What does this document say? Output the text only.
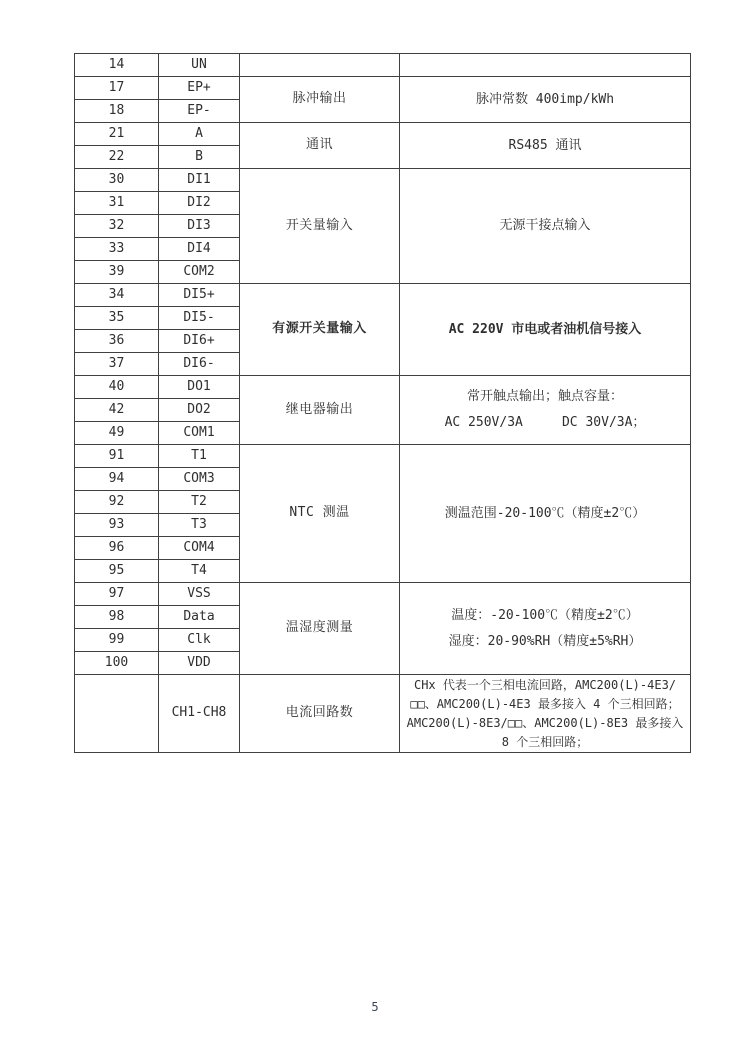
14	UN		

17	EP+	脉冲输出	脉冲常数 400imp/kWh

18	EP-		
21	A	通讯	RS485 通讯

22	B		
30	DI1	开关量输入	无源干接点输入

31	DI2		
32	DI3		
33	DI4		
39	COM2		
34	DI5+	有源开关量输入	AC 220V 市电或者油机信号接入

35	DI5-		
36	DI6+		
37	DI6-		
40	DO1	继电器输出	常开触点输出；触点容量：
AC 250V/3A     DC 30V/3A；

42	DO2		
49	COM1		
91	T1	NTC 测温	测温范围-20-100℃（精度±2℃）

94	COM3		
92	T2		
93	T3		
96	COM4		
95	T4		
97	VSS	温湿度测量	温度：-20-100℃（精度±2℃）
湿度：20-90%RH（精度±5%RH）

98	Data		
99	Clk		
100	VDD		
	CH1-CH8	电流回路数	CHx 代表一个三相电流回路，AMC200(L)-4E3/
□□、AMC200(L)-4E3 最多接入 4 个三相回路；
AMC200(L)-8E3/□□、AMC200(L)-8E3 最多接入
8 个三相回路；
5
